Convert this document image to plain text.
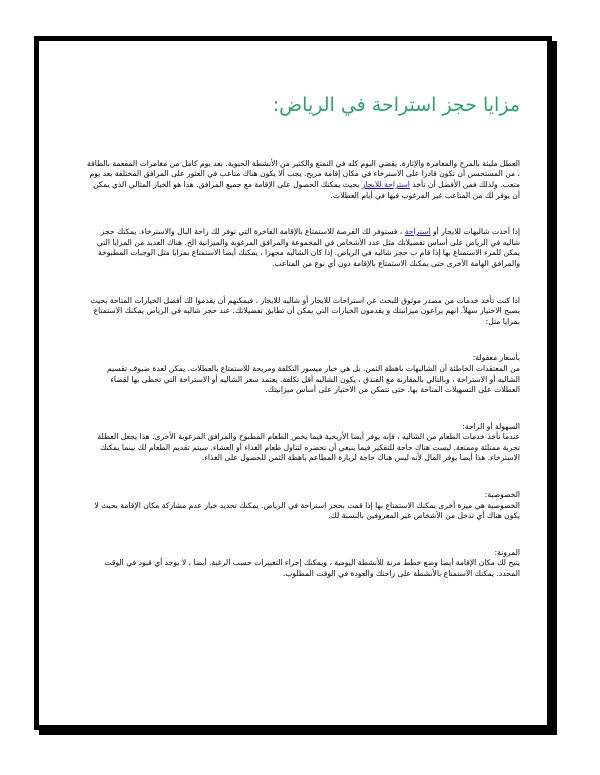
مزايا حجز استراحة في الرياض:

العطل مليئة بالمرح والمغامرة والإثارة. يقضي اليوم كله في التمتع والكثير من الأنشطة الحيوية. بعد يوم كامل من مغامرات المفعمة بالطاقة ، من المستحسن أن تكون قادرا على الاسترخاء في مكان إقامة مريح. يجب ألا يكون هناك متاعب في العثور على المرافق المختلفة بعد يوم متعب. ولذلك فمن الأفضل أن تأخذ استراحة للايجار بحيث يمكنك الحصول على الإقامة مع جميع المرافق. هذا هو الخيار المثالي الذي يمكن أن يوفر لك من المتاعب غير المرغوب فيها في أيام العطلات.

إذا أخذت شاليهات للايجار أو استراحة ، فستوفر لك الفرصة للاستمتاع بالإقامة الفاخرة التي توفر لك راحة البال والاسترخاء. يمكنك حجز شاليه في الرياض على أساس تفضيلاتك مثل عدد الأشخاص في المجموعة والمرافق المرغوبة والميزانية الخ. هناك العديد من المزايا التي يمكن للمرء الاستمتاع بها إذا قام ب حجز شاليه في الرياض. إذا كان الشاليه مجهزا ، يمكنك أيضا الاستمتاع بمزايا مثل الوجبات المطبوخة والمرافق الهامة الأخرى حتى يمكنك الاستمتاع بالإقامة دون أي نوع من المتاعب.

اذا كنت تأخذ خدمات من مصدر موثوق للبحث عن استراحات للايجار أو شاليه للايجار ، فيمكنهم أن يقدموا لك أفضل الخيارات المتاحة بحيث يصبح الاختيار سهلاً. انهم يراعون ميزانيتك و يقدمون الخيارات التي يمكن أن تطابق تفضيلاتك. عند حجز شاليه في الرياض يمكنك الاستمتاع بمزايا مثل:

بأسعار معقولة:
من المعتقدات الخاطئة أن الشاليهات باهظة الثمن. بل هي خيار ميسور التكلفة ومريحة للاستمتاع بالعطلات. يمكن لعدة ضيوف تقسيم الشاليه أو الاستراحة ، وبالتالي بالمقارنة مع الفندق ، يكون الشاليه أقل تكلفة. يعتمد سعر الشاليه أو الاستراحة التي تحظى بها لقضاء العطلات على التسهيلات المتاحة بها. حتى تتمكن من الاختيار على أساس ميزانيتك.

السهولة أو الراحة:
عندما تأخذ خدمات الطعام من الشاليه ، فإنه يوفر أيضا الأريحية فيما يخص الطعام المطبوخ والمرافق المرغوبة الأخرى. هذا يجعل العطلة تجربة ممتلئة وممتعة. ليست هناك حاجة للتفكير فيما ينبغي أن تحضره لتناول طعام الغداء أو العشاء. سيتم تقديم الطعام لك بينما يمكنك الاسترخاء. هذا أيضا يوفر المال لأنه ليس هناك حاجة لزيارة المطاعم باهظة الثمن للحصول على الغذاء.

الخصوصية:
الخصوصية هي ميزة أخرى يمكنك الاستمتاع بها إذا قمت بحجز استراحة في الرياض. يمكنك تحديد خيار عدم مشاركة مكان الإقامة بحيث لا يكون هناك أي تدخل من الأشخاص غير المعروفين بالنسبة لك.

المرونة:
يتيح لك مكان الإقامة أيضا وضع خطط مرنة للأنشطة اليومية ، ويمكنك إجراء التغييرات حسب الرغبة. أيضا ، لا يوجد أي قيود في الوقت المحدد. يمكنك الاستمتاع بالأنشطة على راحتك والعودة في الوقت المطلوب.
